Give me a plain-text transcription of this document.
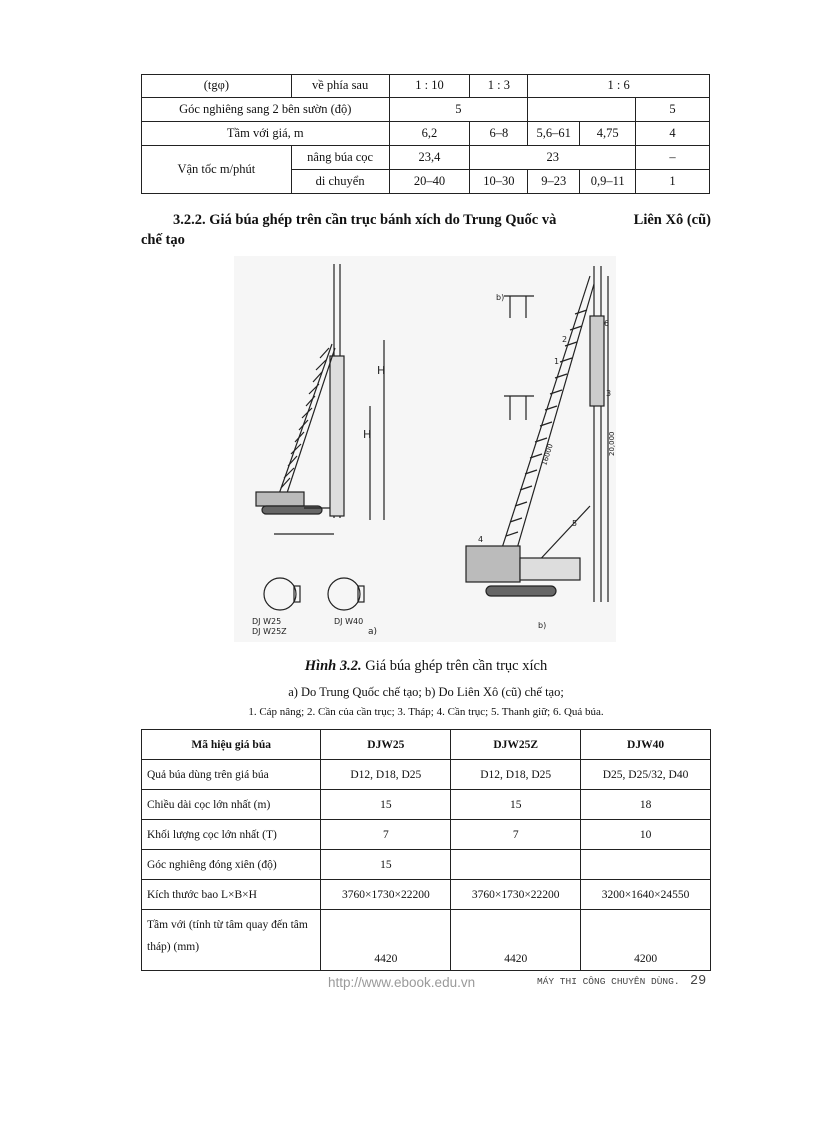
(tgφ)	về phía sau	1 : 10	1 : 3	1 : 6		
Góc nghiêng sang 2 bên sườn (độ)		5				5
Tầm với giá, m		6,2	6–8	5,6–61	4,75	4
Vận tốc m/phút	nâng búa cọc	23,4	23			–
	di chuyển	20–40	10–30	9–23	0,9–11	1
3.2.2. Giá búa ghép trên cần trục bánh xích do Trung Quốc và	Liên Xô (cũ)
chế tạo
H
H
DJ W25
DJ W25Z
DJ W40
a)
b)
b)
1
2
3
4
5
6
20,000
16000
Hình 3.2. Giá búa ghép trên cần trục xích
a) Do Trung Quốc chế tạo; b) Do Liên Xô (cũ) chế tạo;
1. Cáp nâng; 2. Cần của cần trục; 3. Tháp; 4. Cần trục; 5. Thanh giữ; 6. Quả búa.
Mã hiệu giá búa	DJW25	DJW25Z	DJW40
Quả búa dùng trên giá búa	D12, D18, D25	D12, D18, D25	D25, D25/32, D40
Chiều dài cọc lớn nhất (m)	15	15	18
Khối lượng cọc lớn nhất (T)	7	7	10
Góc nghiêng đóng xiên (độ)	15		
Kích thước bao L×B×H	3760×1730×22200	3760×1730×22200	3200×1640×24550
Tầm với (tính từ tâm quay đến tâm tháp) (mm)	4420	4420	4200
http://www.ebook.edu.vn	MÁY THI CÔNG CHUYÊN DÙNG. 29
